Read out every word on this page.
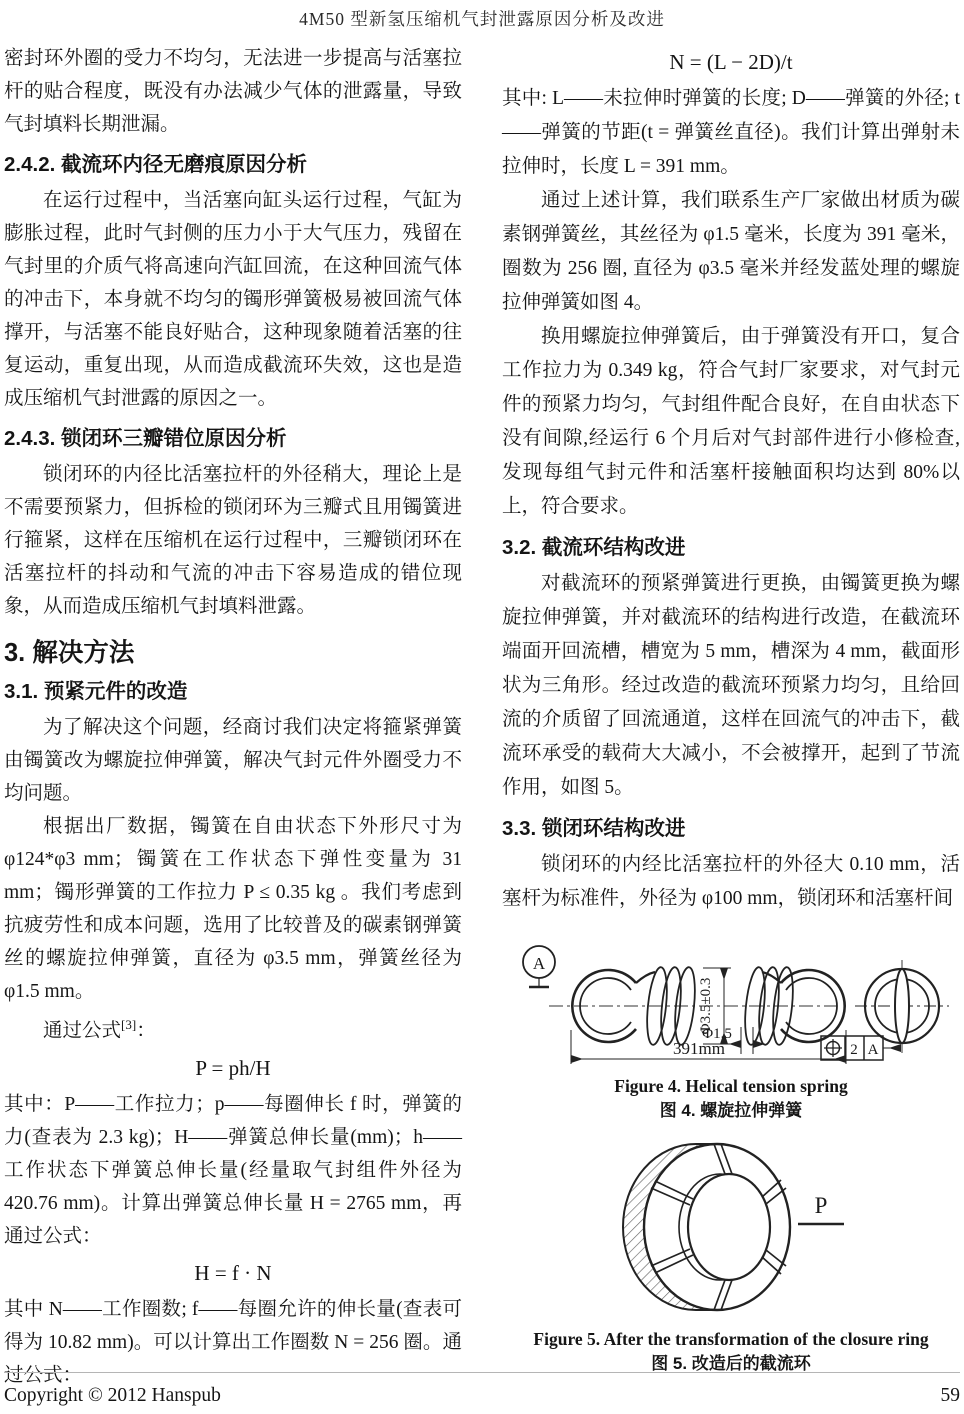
4M50 型新氢压缩机气封泄露原因分析及改进

密封环外圈的受力不均匀，无法进一步提高与活塞拉杆的贴合程度，既没有办法减少气体的泄露量，导致气封填料长期泄漏。

2.4.2. 截流环内径无磨痕原因分析

在运行过程中，当活塞向缸头运行过程，气缸为膨胀过程，此时气封侧的压力小于大气压力，残留在气封里的介质气将高速向汽缸回流，在这种回流气体的冲击下，本身就不均匀的镯形弹簧极易被回流气体撑开，与活塞不能良好贴合，这种现象随着活塞的往复运动，重复出现，从而造成截流环失效，这也是造成压缩机气封泄露的原因之一。

2.4.3. 锁闭环三瓣错位原因分析

锁闭环的内径比活塞拉杆的外径稍大，理论上是不需要预紧力，但拆检的锁闭环为三瓣式且用镯簧进行箍紧，这样在压缩机在运行过程中，三瓣锁闭环在活塞拉杆的抖动和气流的冲击下容易造成的错位现象，从而造成压缩机气封填料泄露。

3. 解决方法
3.1. 预紧元件的改造

为了解决这个问题，经商讨我们决定将箍紧弹簧由镯簧改为螺旋拉伸弹簧，解决气封元件外圈受力不均问题。

根据出厂数据，镯簧在自由状态下外形尺寸为 φ124*φ3 mm；镯簧在工作状态下弹性变量为 31 mm；镯形弹簧的工作拉力 P ≤ 0.35 kg 。我们考虑到抗疲劳性和成本问题，选用了比较普及的碳素钢弹簧丝的螺旋拉伸弹簧，直径为 φ3.5 mm，弹簧丝径为 φ1.5 mm。

通过公式[3]：

P = ph/H

其中：P——工作拉力；p——每圈伸长 f 时，弹簧的力(查表为 2.3 kg)；H——弹簧总伸长量(mm)；h——工作状态下弹簧总伸长量(经量取气封组件外径为 420.76 mm)。计算出弹簧总伸长量 H = 2765 mm，再通过公式：

H = f · N

其中 N——工作圈数; f——每圈允许的伸长量(查表可得为 10.82 mm)。可以计算出工作圈数 N = 256 圈。通过公式：

N = (L − 2D)/t

其中: L——未拉伸时弹簧的长度; D——弹簧的外径; t——弹簧的节距(t = 弹簧丝直径)。我们计算出弹射未拉伸时，长度 L = 391 mm。

通过上述计算，我们联系生产厂家做出材质为碳素钢弹簧丝，其丝径为 φ1.5 毫米，长度为 391 毫米，圈数为 256 圈, 直径为 φ3.5 毫米并经发蓝处理的螺旋拉伸弹簧如图 4。

换用螺旋拉伸弹簧后，由于弹簧没有开口，复合工作拉力为 0.349 kg，符合气封厂家要求，对气封元件的预紧力均匀，气封组件配合良好，在自由状态下没有间隙,经运行 6 个月后对气封部件进行小修检查,发现每组气封元件和活塞杆接触面积均达到 80%以上，符合要求。

3.2. 截流环结构改进

对截流环的预紧弹簧进行更换，由镯簧更换为螺旋拉伸弹簧，并对截流环的结构进行改造，在截流环端面开回流槽，槽宽为 5 mm，槽深为 4 mm，截面形状为三角形。经过改造的截流环预紧力均匀，且给回流的介质留了回流通道，这样在回流气的冲击下，截流环承受的载荷大大减小，不会被撑开，起到了节流作用，如图 5。

3.3. 锁闭环结构改进

锁闭环的内经比活塞拉杆的外径大 0.10 mm，活塞杆为标准件，外径为 φ100 mm，锁闭环和活塞杆间

A
Φ3.5±0.3
Φ1.5
391mm	2 A
Figure 4. Helical tension spring
图 4. 螺旋拉伸弹簧
P
Figure 5. After the transformation of the closure ring
图 5. 改造后的截流环
Copyright © 2012 Hanspub	59
